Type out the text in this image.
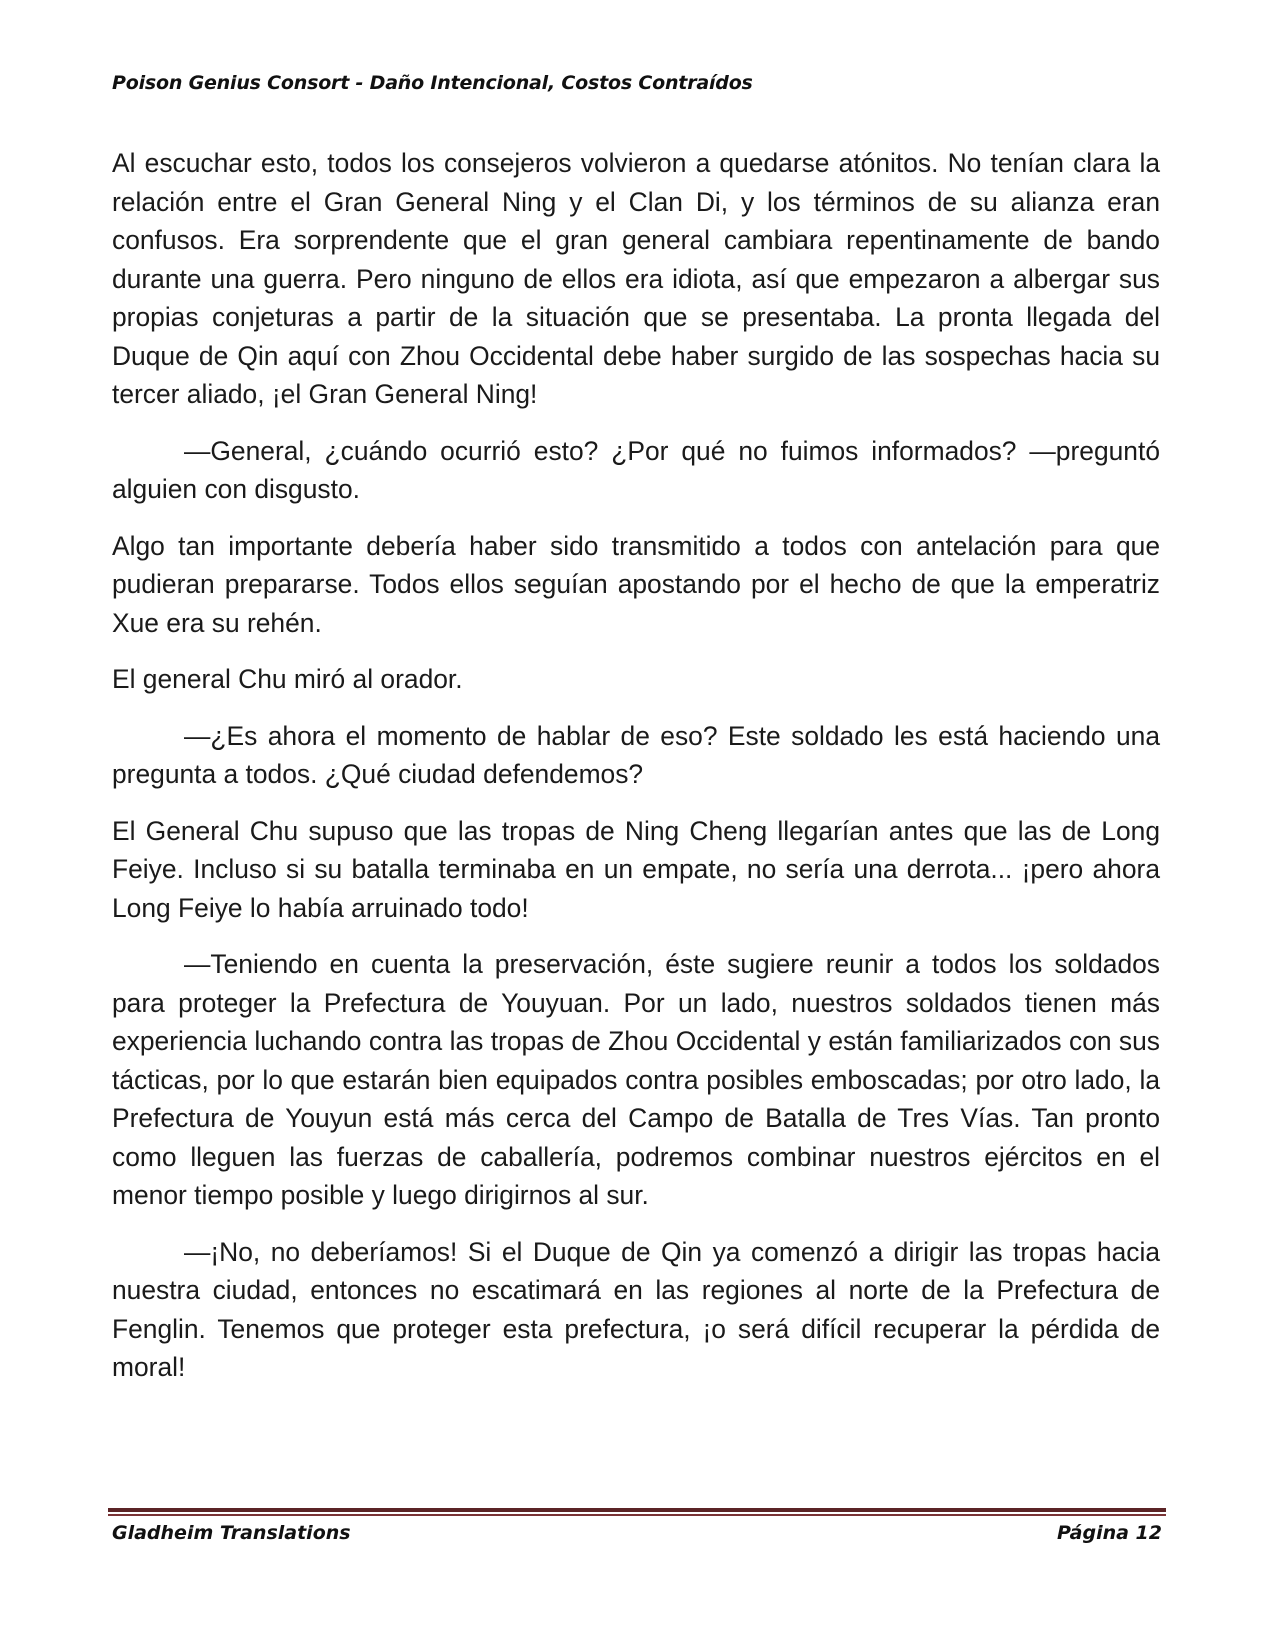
Poison Genius Consort - Daño Intencional, Costos Contraídos

Al escuchar esto, todos los consejeros volvieron a quedarse atónitos. No tenían clara la relación entre el Gran General Ning y el Clan Di, y los términos de su alianza eran confusos. Era sorprendente que el gran general cambiara repentinamente de bando durante una guerra. Pero ninguno de ellos era idiota, así que empezaron a albergar sus propias conjeturas a partir de la situación que se presentaba. La pronta llegada del Duque de Qin aquí con Zhou Occidental debe haber surgido de las sospechas hacia su tercer aliado, ¡el Gran General Ning!

—General, ¿cuándo ocurrió esto? ¿Por qué no fuimos informados? —preguntó alguien con disgusto.

Algo tan importante debería haber sido transmitido a todos con antelación para que pudieran prepararse. Todos ellos seguían apostando por el hecho de que la emperatriz Xue era su rehén.

El general Chu miró al orador.

—¿Es ahora el momento de hablar de eso? Este soldado les está haciendo una pregunta a todos. ¿Qué ciudad defendemos?

El General Chu supuso que las tropas de Ning Cheng llegarían antes que las de Long Feiye. Incluso si su batalla terminaba en un empate, no sería una derrota... ¡pero ahora Long Feiye lo había arruinado todo!

—Teniendo en cuenta la preservación, éste sugiere reunir a todos los soldados para proteger la Prefectura de Youyuan. Por un lado, nuestros soldados tienen más experiencia luchando contra las tropas de Zhou Occidental y están familiarizados con sus tácticas, por lo que estarán bien equipados contra posibles emboscadas; por otro lado, la Prefectura de Youyun está más cerca del Campo de Batalla de Tres Vías. Tan pronto como lleguen las fuerzas de caballería, podremos combinar nuestros ejércitos en el menor tiempo posible y luego dirigirnos al sur.

—¡No, no deberíamos! Si el Duque de Qin ya comenzó a dirigir las tropas hacia nuestra ciudad, entonces no escatimará en las regiones al norte de la Prefectura de Fenglin. Tenemos que proteger esta prefectura, ¡o será difícil recuperar la pérdida de moral!

Gladheim Translations	Página 12
